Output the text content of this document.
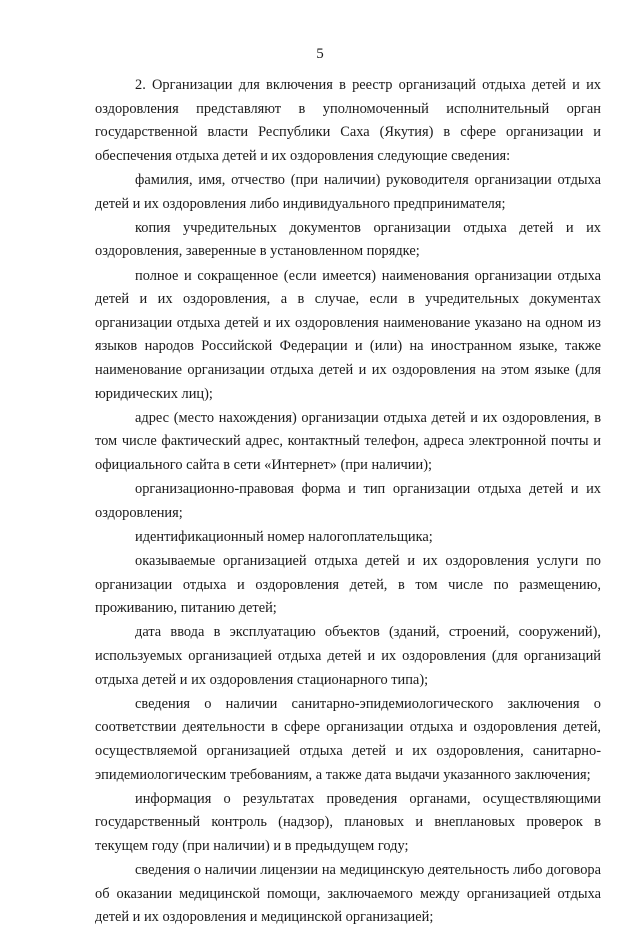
5

2. Организации для включения в реестр организаций отдыха детей и их оздоровления представляют в уполномоченный исполнительный орган государственной власти Республики Саха (Якутия) в сфере организации и обеспечения отдыха детей и их оздоровления следующие сведения:

фамилия, имя, отчество (при наличии) руководителя организации отдыха детей и их оздоровления либо индивидуального предпринимателя;

копия учредительных документов организации отдыха детей и их оздоровления, заверенные в установленном порядке;

полное и сокращенное (если имеется) наименования организации отдыха детей и их оздоровления, а в случае, если в учредительных документах организации отдыха детей и их оздоровления наименование указано на одном из языков народов Российской Федерации и (или) на иностранном языке, также наименование организации отдыха детей и их оздоровления на этом языке (для юридических лиц);

адрес (место нахождения) организации отдыха детей и их оздоровления, в том числе фактический адрес, контактный телефон, адреса электронной почты и официального сайта в сети «Интернет» (при наличии);

организационно-правовая форма и тип организации отдыха детей и их оздоровления;

идентификационный номер налогоплательщика;

оказываемые организацией отдыха детей и их оздоровления услуги по организации отдыха и оздоровления детей, в том числе по размещению, проживанию, питанию детей;

дата ввода в эксплуатацию объектов (зданий, строений, сооружений), используемых организацией отдыха детей и их оздоровления (для организаций отдыха детей и их оздоровления стационарного типа);

сведения о наличии санитарно-эпидемиологического заключения о соответствии деятельности в сфере организации отдыха и оздоровления детей, осуществляемой организацией отдыха детей и их оздоровления, санитарно-эпидемиологическим требованиям, а также дата выдачи указанного заключения;

информация о результатах проведения органами, осуществляющими государственный контроль (надзор), плановых и внеплановых проверок в текущем году (при наличии) и в предыдущем году;

сведения о наличии лицензии на медицинскую деятельность либо договора об оказании медицинской помощи, заключаемого между организацией отдыха детей и их оздоровления и медицинской организацией;
